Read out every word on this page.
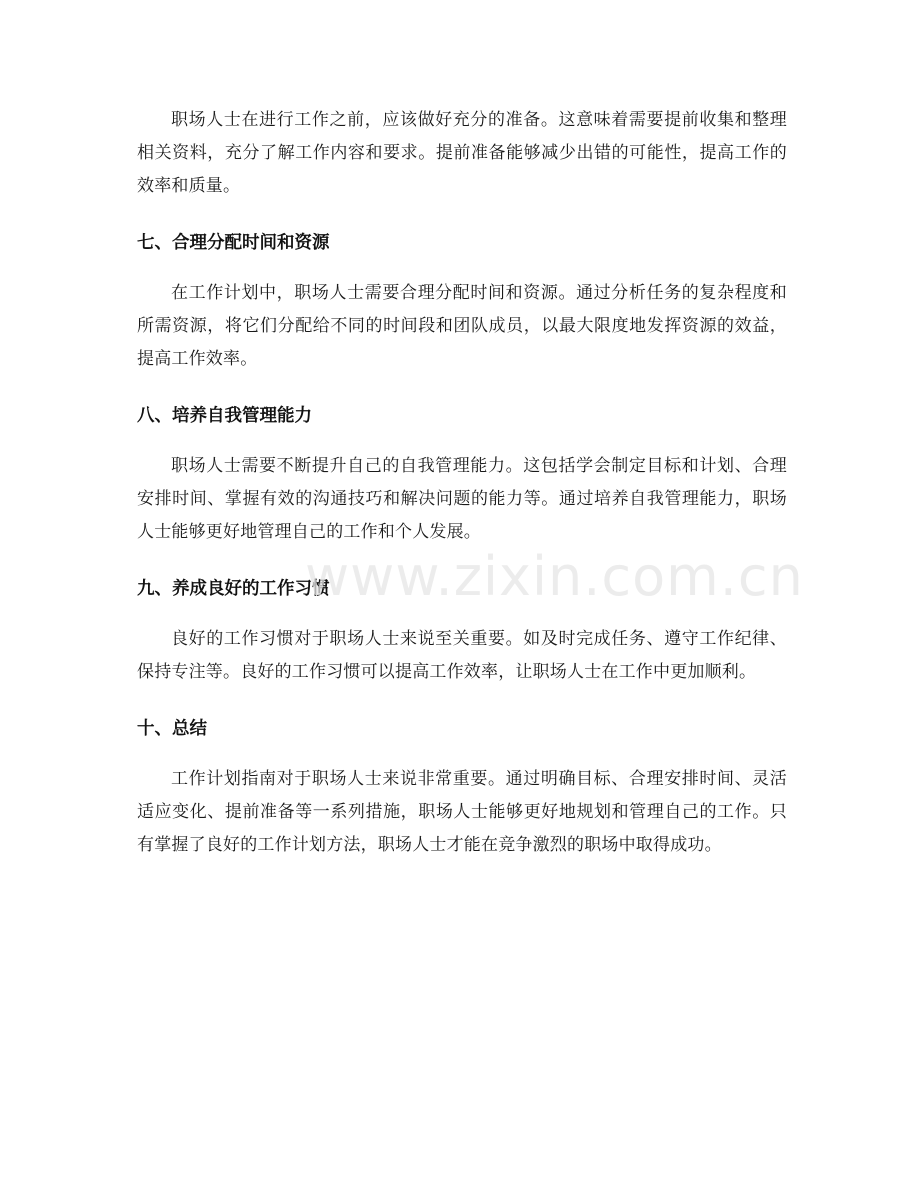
职场人士在进行工作之前，应该做好充分的准备。这意味着需要提前收集和整理相关资料，充分了解工作内容和要求。提前准备能够减少出错的可能性，提高工作的效率和质量。

七、合理分配时间和资源

在工作计划中，职场人士需要合理分配时间和资源。通过分析任务的复杂程度和所需资源，将它们分配给不同的时间段和团队成员，以最大限度地发挥资源的效益，提高工作效率。

八、培养自我管理能力

职场人士需要不断提升自己的自我管理能力。这包括学会制定目标和计划、合理安排时间、掌握有效的沟通技巧和解决问题的能力等。通过培养自我管理能力，职场人士能够更好地管理自己的工作和个人发展。

九、养成良好的工作习惯

良好的工作习惯对于职场人士来说至关重要。如及时完成任务、遵守工作纪律、保持专注等。良好的工作习惯可以提高工作效率，让职场人士在工作中更加顺利。

十、总结

工作计划指南对于职场人士来说非常重要。通过明确目标、合理安排时间、灵活适应变化、提前准备等一系列措施，职场人士能够更好地规划和管理自己的工作。只有掌握了良好的工作计划方法，职场人士才能在竞争激烈的职场中取得成功。

www.zixin.com.cn
